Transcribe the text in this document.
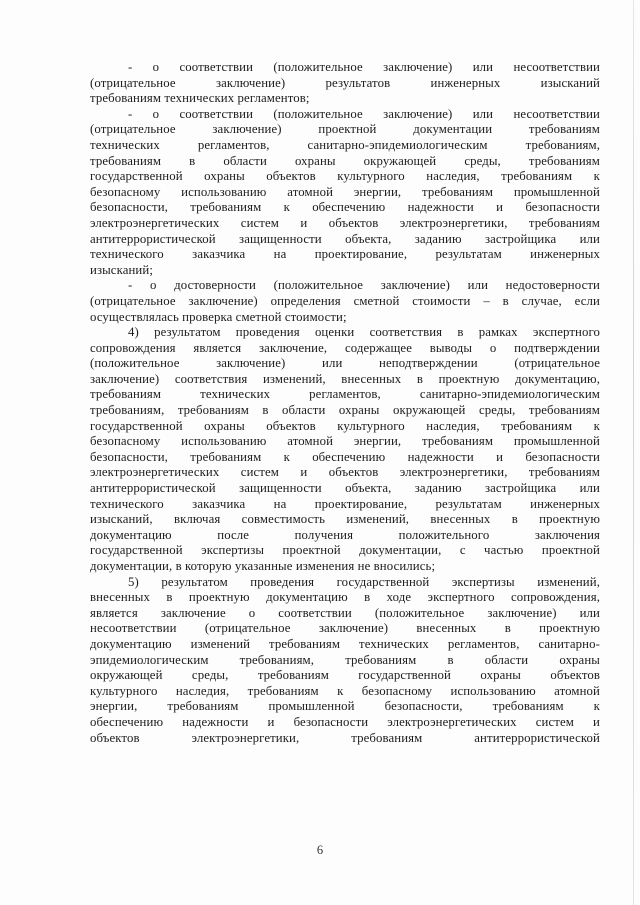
- о соответствии (положительное заключение) или несоответствии
(отрицательное заключение) результатов инженерных изысканий
требованиям технических регламентов;
- о соответствии (положительное заключение) или несоответствии
(отрицательное заключение) проектной документации требованиям
технических регламентов, санитарно-эпидемиологическим требованиям,
требованиям в области охраны окружающей среды, требованиям
государственной охраны объектов культурного наследия, требованиям к
безопасному использованию атомной энергии, требованиям промышленной
безопасности, требованиям к обеспечению надежности и безопасности
электроэнергетических систем и объектов электроэнергетики, требованиям
антитеррористической защищенности объекта, заданию застройщика или
технического заказчика на проектирование, результатам инженерных
изысканий;
- о достоверности (положительное заключение) или недостоверности
(отрицательное заключение) определения сметной стоимости – в случае, если
осуществлялась проверка сметной стоимости;
4) результатом проведения оценки соответствия в рамках экспертного
сопровождения является заключение, содержащее выводы о подтверждении
(положительное заключение) или неподтверждении (отрицательное
заключение) соответствия изменений, внесенных в проектную документацию,
требованиям технических регламентов, санитарно-эпидемиологическим
требованиям, требованиям в области охраны окружающей среды, требованиям
государственной охраны объектов культурного наследия, требованиям к
безопасному использованию атомной энергии, требованиям промышленной
безопасности, требованиям к обеспечению надежности и безопасности
электроэнергетических систем и объектов электроэнергетики, требованиям
антитеррористической защищенности объекта, заданию застройщика или
технического заказчика на проектирование, результатам инженерных
изысканий, включая совместимость изменений, внесенных в проектную
документацию после получения положительного заключения
государственной экспертизы проектной документации, с частью проектной
документации, в которую указанные изменения не вносились;
5) результатом проведения государственной экспертизы изменений,
внесенных в проектную документацию в ходе экспертного сопровождения,
является заключение о соответствии (положительное заключение) или
несоответствии (отрицательное заключение) внесенных в проектную
документацию изменений требованиям технических регламентов, санитарно-
эпидемиологическим требованиям, требованиям в области охраны
окружающей среды, требованиям государственной охраны объектов
культурного наследия, требованиям к безопасному использованию атомной
энергии, требованиям промышленной безопасности, требованиям к
обеспечению надежности и безопасности электроэнергетических систем и
объектов электроэнергетики, требованиям антитеррористической
6
